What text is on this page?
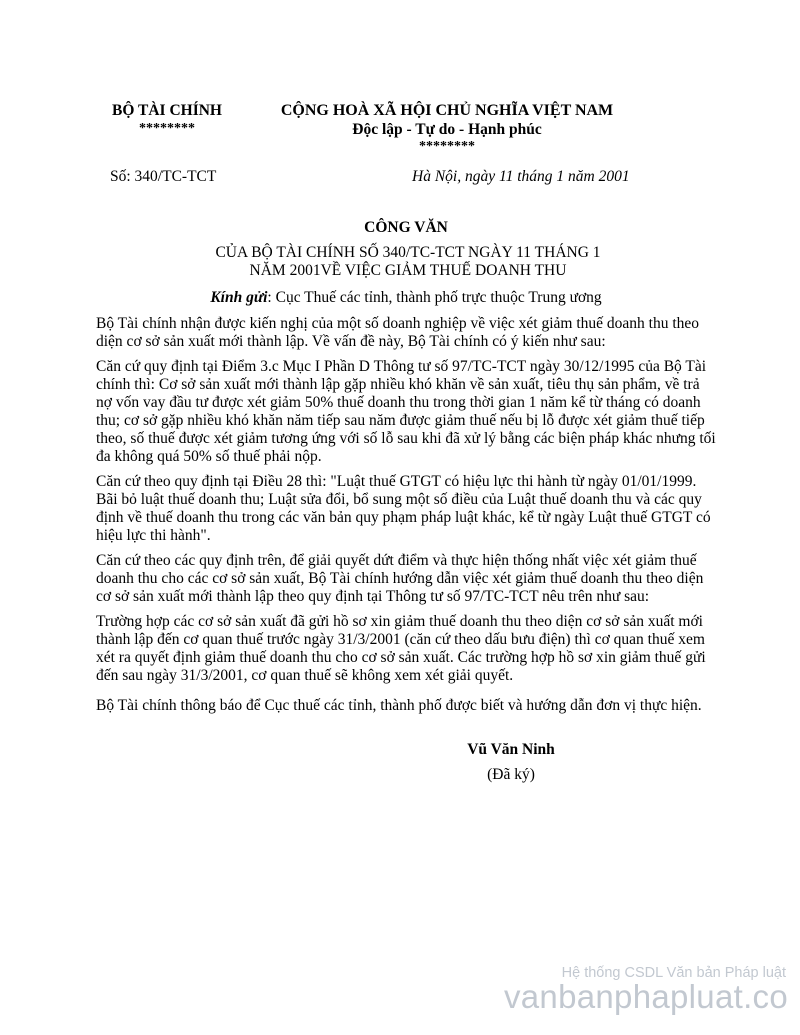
BỘ TÀI CHÍNH
********
CỘNG HOÀ XÃ HỘI CHỦ NGHĨA VIỆT NAM
Độc lập - Tự do - Hạnh phúc
********
Số: 340/TC-TCT	Hà Nội, ngày 11 tháng 1 năm 2001
CÔNG VĂN
CỦA BỘ TÀI CHÍNH SỐ 340/TC-TCT NGÀY 11 THÁNG 1 NĂM 2001VỀ VIỆC GIẢM THUẾ DOANH THU
Kính gửi: Cục Thuế các tỉnh, thành phố trực thuộc Trung ương

Bộ Tài chính nhận được kiến nghị của một số doanh nghiệp về việc xét giảm thuế doanh thu theo diện cơ sở sản xuất mới thành lập. Về vấn đề này, Bộ Tài chính có ý kiến như sau:

Căn cứ quy định tại Điểm 3.c Mục I Phần D Thông tư số 97/TC-TCT ngày 30/12/1995 của Bộ Tài chính thì: Cơ sở sản xuất mới thành lập gặp nhiều khó khăn về sản xuất, tiêu thụ sản phẩm, về trả nợ vốn vay đầu tư được xét giảm 50% thuế doanh thu trong thời gian 1 năm kể từ tháng có doanh thu; cơ sở gặp nhiều khó khăn năm tiếp sau năm được giảm thuế nếu bị lỗ được xét giảm thuế tiếp theo, số thuế được xét giảm tương ứng với số lỗ sau khi đã xử lý bằng các biện pháp khác nhưng tối đa không quá 50% số thuế phải nộp.

Căn cứ theo quy định tại Điều 28 thì: "Luật thuế GTGT có hiệu lực thi hành từ ngày 01/01/1999. Bãi bỏ luật thuế doanh thu; Luật sửa đổi, bổ sung một số điều của Luật thuế doanh thu và các quy định về thuế doanh thu trong các văn bản quy phạm pháp luật khác, kể từ ngày Luật thuế GTGT có hiệu lực thi hành".

Căn cứ theo các quy định trên, để giải quyết dứt điểm và thực hiện thống nhất việc xét giảm thuế doanh thu cho các cơ sở sản xuất, Bộ Tài chính hướng dẫn việc xét giảm thuế doanh thu theo diện cơ sở sản xuất mới thành lập theo quy định tại Thông tư số 97/TC-TCT nêu trên như sau:

Trường hợp các cơ sở sản xuất đã gửi hồ sơ xin giảm thuế doanh thu theo diện cơ sở sản xuất mới thành lập đến cơ quan thuế trước ngày 31/3/2001 (căn cứ theo dấu bưu điện) thì cơ quan thuế xem xét ra quyết định giảm thuế doanh thu cho cơ sở sản xuất. Các trường hợp hồ sơ xin giảm thuế gửi đến sau ngày 31/3/2001, cơ quan thuế sẽ không xem xét giải quyết.

Bộ Tài chính thông báo để Cục thuế các tỉnh, thành phố được biết và hướng dẫn đơn vị thực hiện.

Vũ Văn Ninh
(Đã ký)
Hệ thống CSDL Văn bản Pháp luật
vanbanphapluat.co
